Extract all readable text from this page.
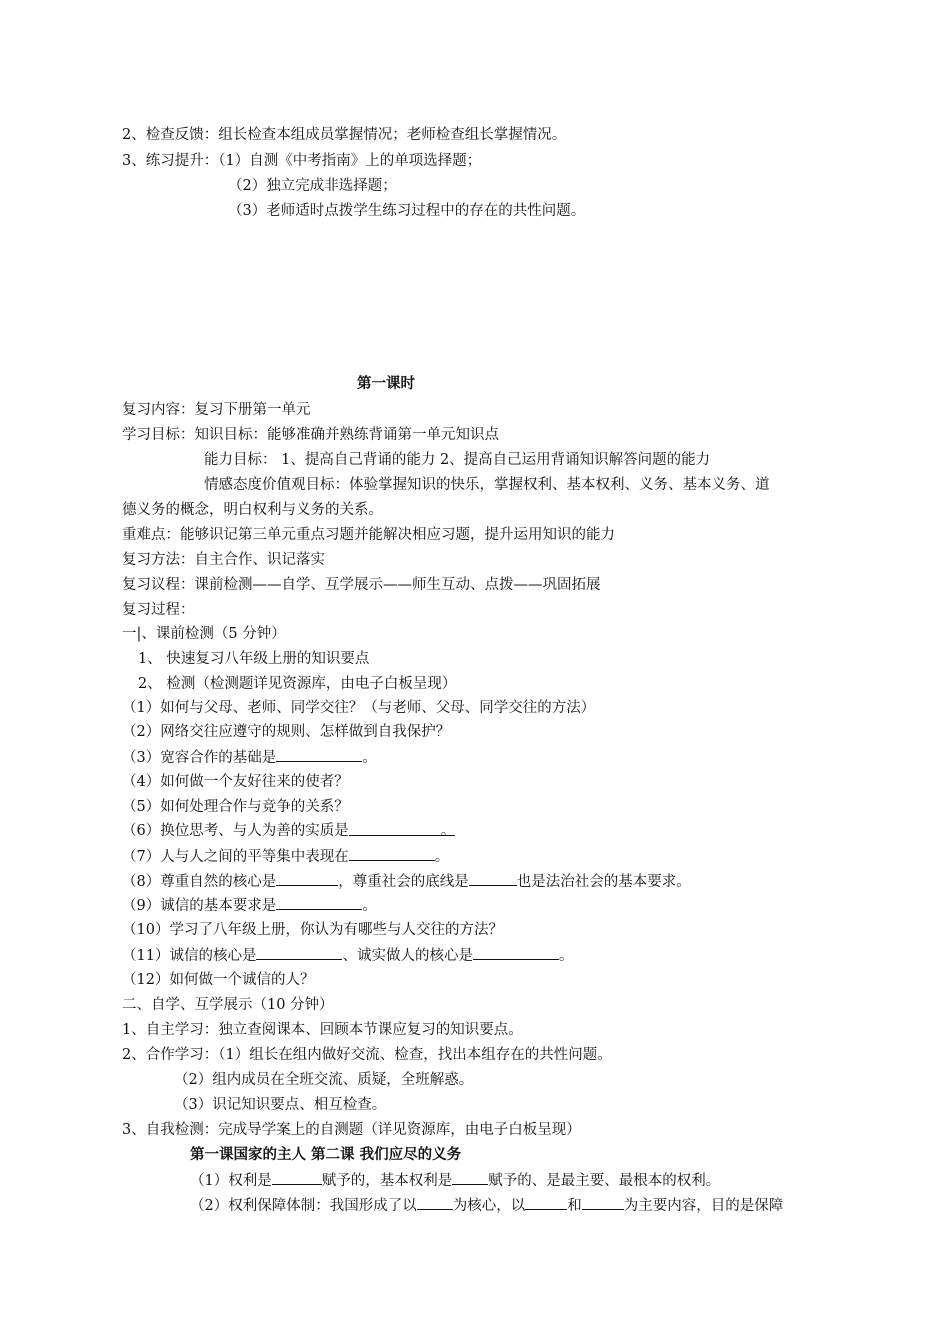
2、检查反馈：组长检查本组成员掌握情况；老师检查组长掌握情况。
3、练习提升：（1）自测《中考指南》上的单项选择题；
（2）独立完成非选择题；
（3）老师适时点拨学生练习过程中的存在的共性问题。
第一课时
复习内容：复习下册第一单元
学习目标：知识目标：能够准确并熟练背诵第一单元知识点
能力目标： 1、提高自己背诵的能力 2、提高自己运用背诵知识解答问题的能力
情感态度价值观目标：体验掌握知识的快乐，掌握权利、基本权利、义务、基本义务、道
德义务的概念，明白权利与义务的关系。
重难点：能够识记第三单元重点习题并能解决相应习题，提升运用知识的能力
复习方法：自主合作、识记落实
复习议程：课前检测——自学、互学展示——师生互动、点拨——巩固拓展
复习过程：
一|、课前检测（5 分钟）
1、 快速复习八年级上册的知识要点
2、 检测（检测题详见资源库，由电子白板呈现）
（1）如何与父母、老师、同学交往？（与老师、父母、同学交往的方法）
（2）网络交往应遵守的规则、怎样做到自我保护？
（3）宽容合作的基础是	。
（4）如何做一个友好往来的使者？
（5）如何处理合作与竞争的关系？
（6）换位思考、与人为善的实质是	。
（7）人与人之间的平等集中表现在	。
（8）尊重自然的核心是	，尊重社会的底线是	也是法治社会的基本要求。
（9）诚信的基本要求是	。
（10）学习了八年级上册，你认为有哪些与人交往的方法？
（11）诚信的核心是	、诚实做人的核心是	。
（12）如何做一个诚信的人？
二、自学、互学展示（10 分钟）
1、自主学习：独立查阅课本、回顾本节课应复习的知识要点。
2、合作学习：（1）组长在组内做好交流、检查，找出本组存在的共性问题。
（2）组内成员在全班交流、质疑，全班解惑。
（3）识记知识要点、相互检查。
3、自我检测：完成导学案上的自测题（详见资源库，由电子白板呈现）
第一课国家的主人 第二课 我们应尽的义务
（1）权利是	赋予的，基本权利是 赋予的、是最主要、最根本的权利。
（2）权利保障体制：我国形成了以 为核心，以	和	为主要内容，目的是保障
